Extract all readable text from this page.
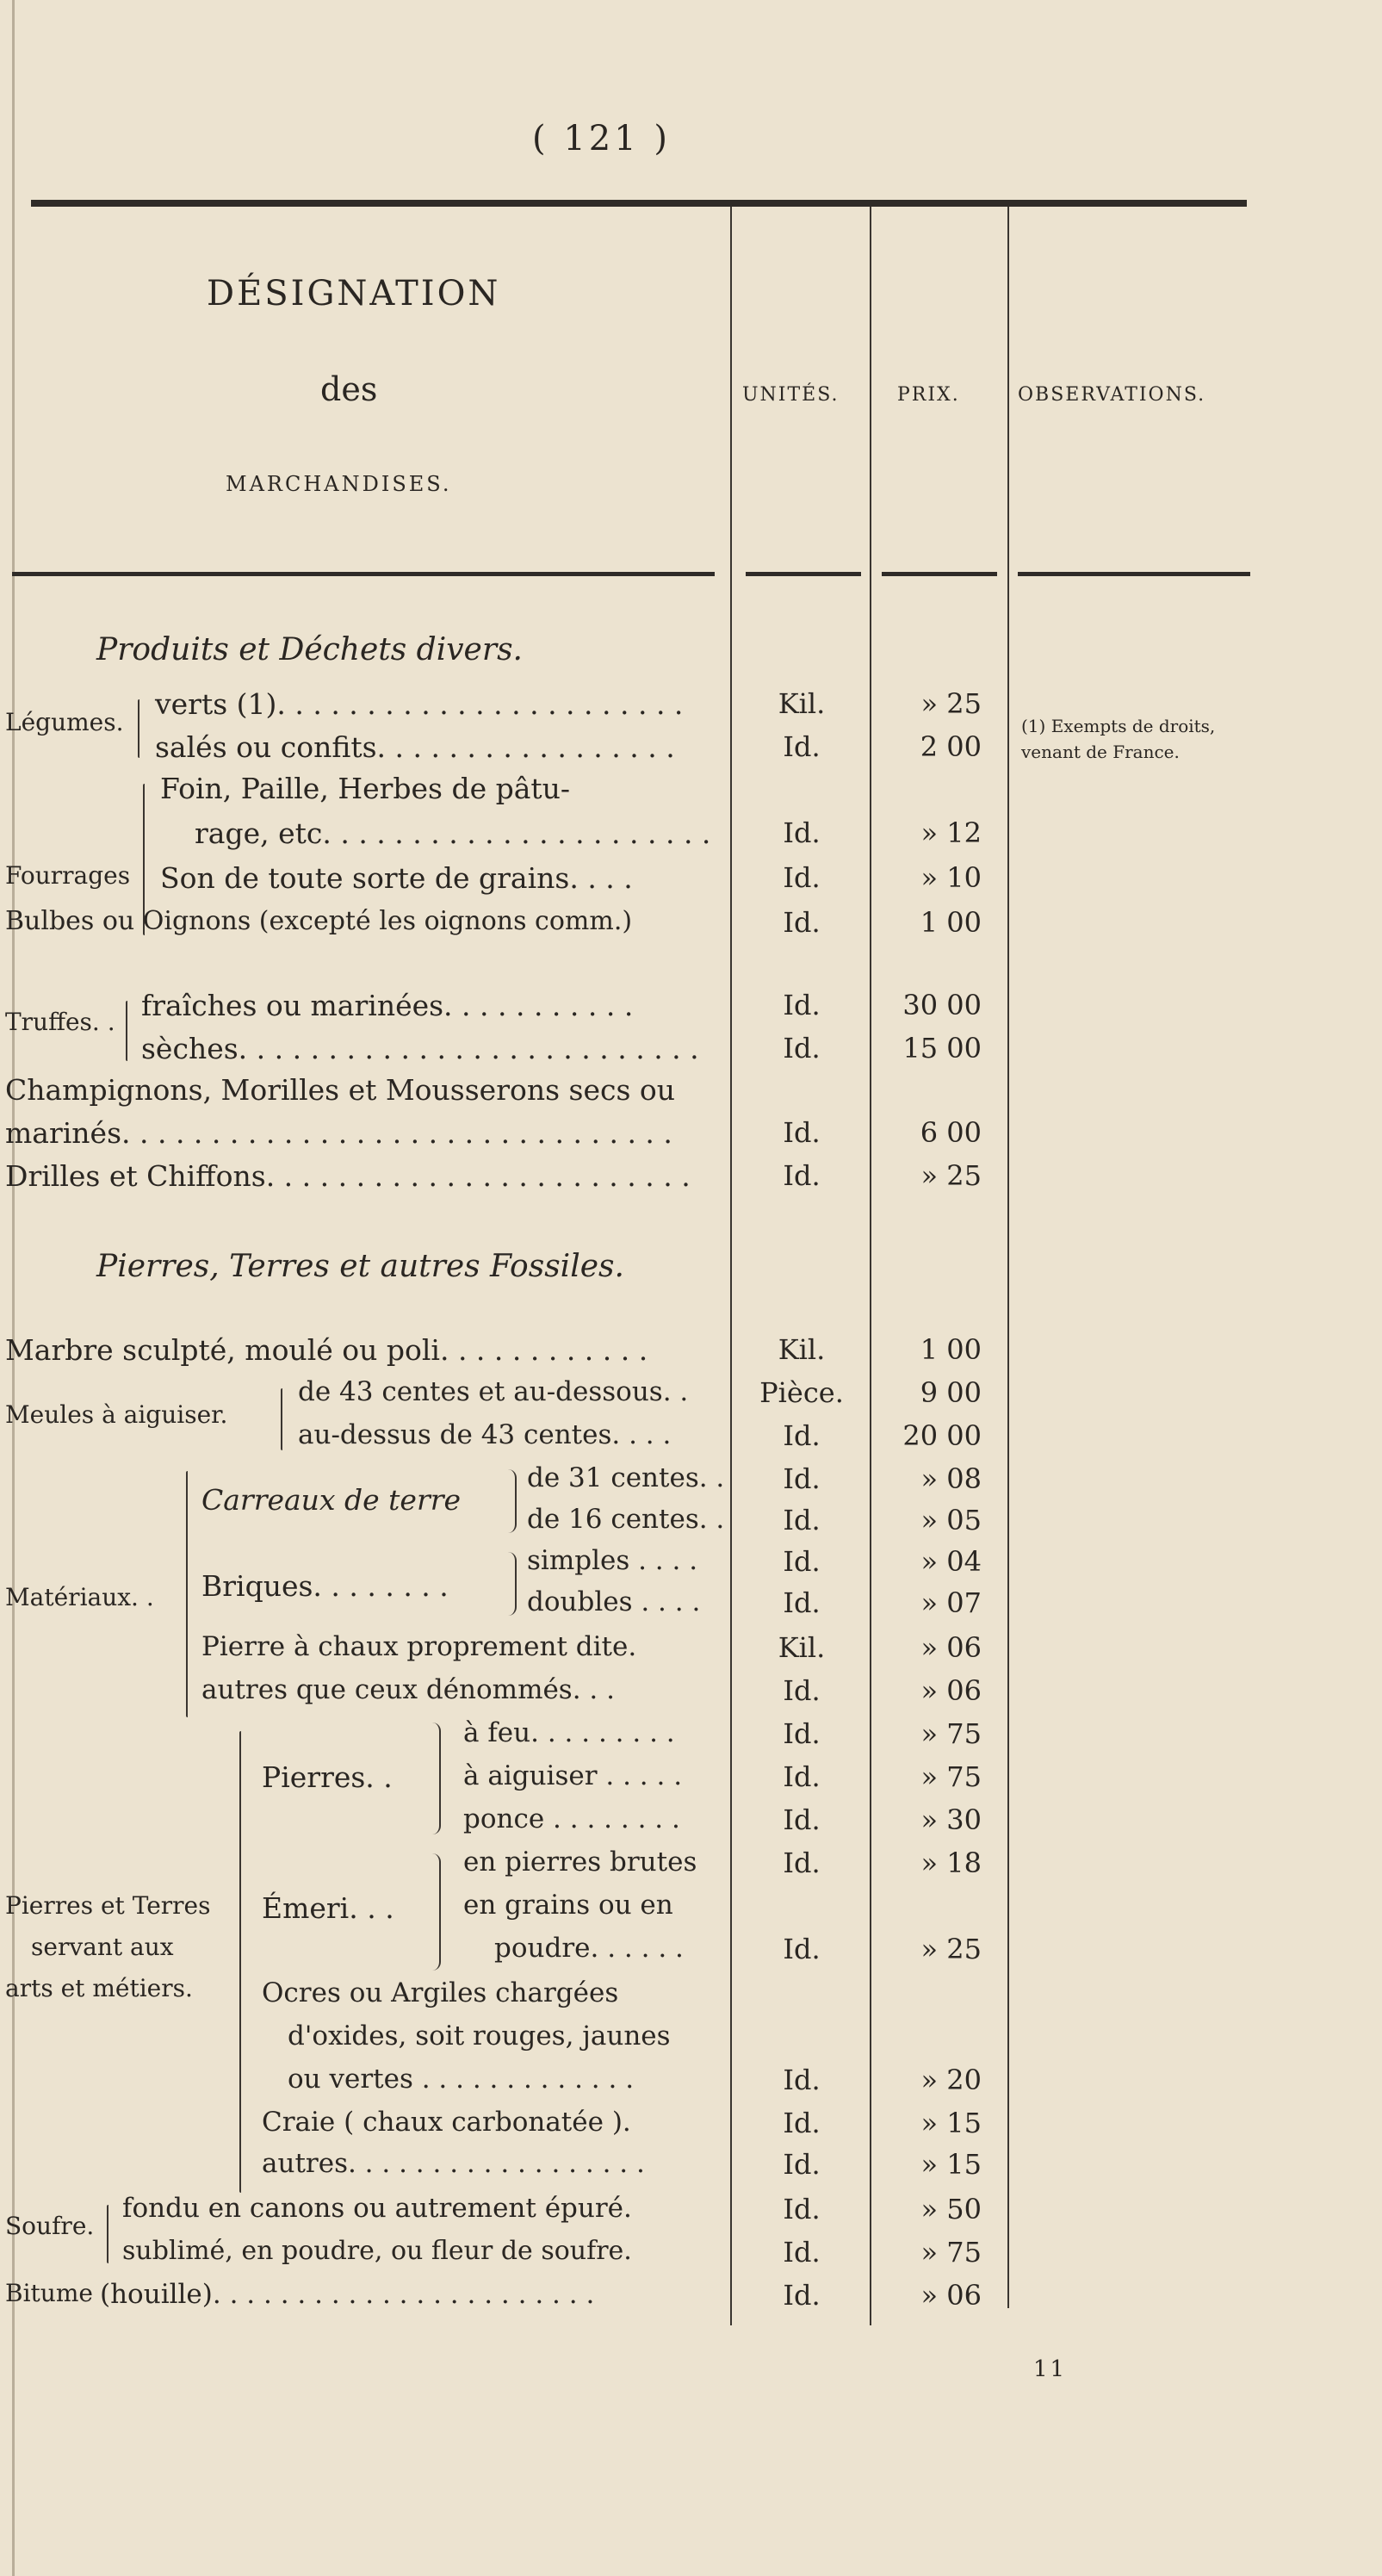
( 121 )
DÉSIGNATION
des
MARCHANDISES.
UNITÉS.	PRIX.	OBSERVATIONS.
Produits et Déchets divers.
Légumes.
verts (1). . . . . . . . . . . . . . . . . . . . . . .	Kil.	» 25
salés ou confits. . . . . . . . . . . . . . . . .	Id.	2 00
(1) Exempts de droits, venant de France.
Fourrages
Foin, Paille, Herbes de pâtu-
rage, etc. . . . . . . . . . . . . . . . . . . . . .	Id.	» 12
Son de toute sorte de grains. . . .	Id.	» 10
Bulbes ou Oignons (excepté les oignons comm.)	Id.	1 00
Truffes. . fraîches ou marinées. . . . . . . . . . .	Id.	30 00
sèches. . . . . . . . . . . . . . . . . . . . . . . . . .	Id.	15 00
Champignons, Morilles et Mousserons secs ou
marinés. . . . . . . . . . . . . . . . . . . . . . . . . . . . . . .	Id.	6 00
Drilles et Chiffons. . . . . . . . . . . . . . . . . . . . . . . .	Id.	» 25
Pierres, Terres et autres Fossiles.
Marbre sculpté, moulé ou poli. . . . . . . . . . . .	Kil.	1 00
Meules à aiguiser.
de 43 centes et au-dessous. .	Pièce.	9 00
au-dessus de 43 centes. . . .	Id.	20 00
Matériaux. .
Carreaux de terre
de 31 centes. .	Id.	» 08
de 16 centes. .	Id.	» 05
Briques. . . . . . . .
simples . . . .	Id.	» 04
doubles . . . .	Id.	» 07
Pierre à chaux proprement dite.	Kil.	» 06
autres que ceux dénommés. . .	Id.	» 06
Pierres et Terres
servant aux
arts et métiers.
Pierres. .
à feu. . . . . . . . .	Id.	» 75
à aiguiser . . . . .	Id.	» 75
ponce . . . . . . . .	Id.	» 30
Émeri. . .
en pierres brutes	Id.	» 18
en grains ou en
poudre. . . . . .	Id.	» 25
Ocres ou Argiles chargées
d'oxides, soit rouges, jaunes
ou vertes . . . . . . . . . . . . .	Id.	» 20
Craie ( chaux carbonatée ).	Id.	» 15
autres. . . . . . . . . . . . . . . . . .	Id.	» 15
Soufre.
fondu en canons ou autrement épuré.	Id.	» 50
sublimé, en poudre, ou fleur de soufre.	Id.	» 75
Bitume (houille). . . . . . . . . . . . . . . . . . . . . . .	Id.	» 06
11
